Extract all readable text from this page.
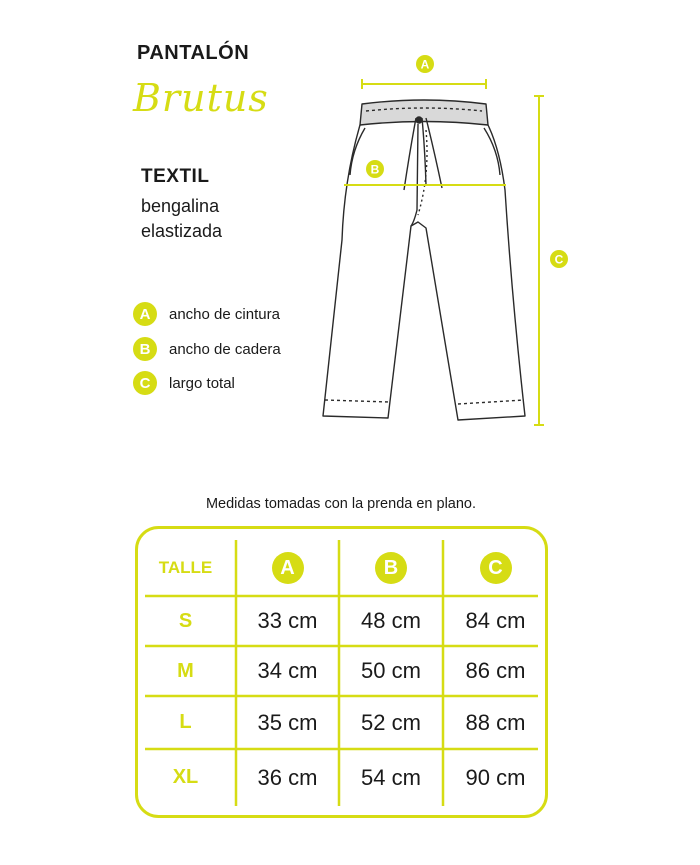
PANTALÓN
Brutus
TEXTIL
bengalina
elastizada
A	ancho de cintura
B	ancho de cadera
C	largo total
A
B
C
Medidas tomadas con la prenda en plano.
TALLE	A	B	C
S	33 cm	48 cm	84 cm
M	34 cm	50 cm	86 cm
L	35 cm	52 cm	88 cm
XL	36 cm	54 cm	90 cm
